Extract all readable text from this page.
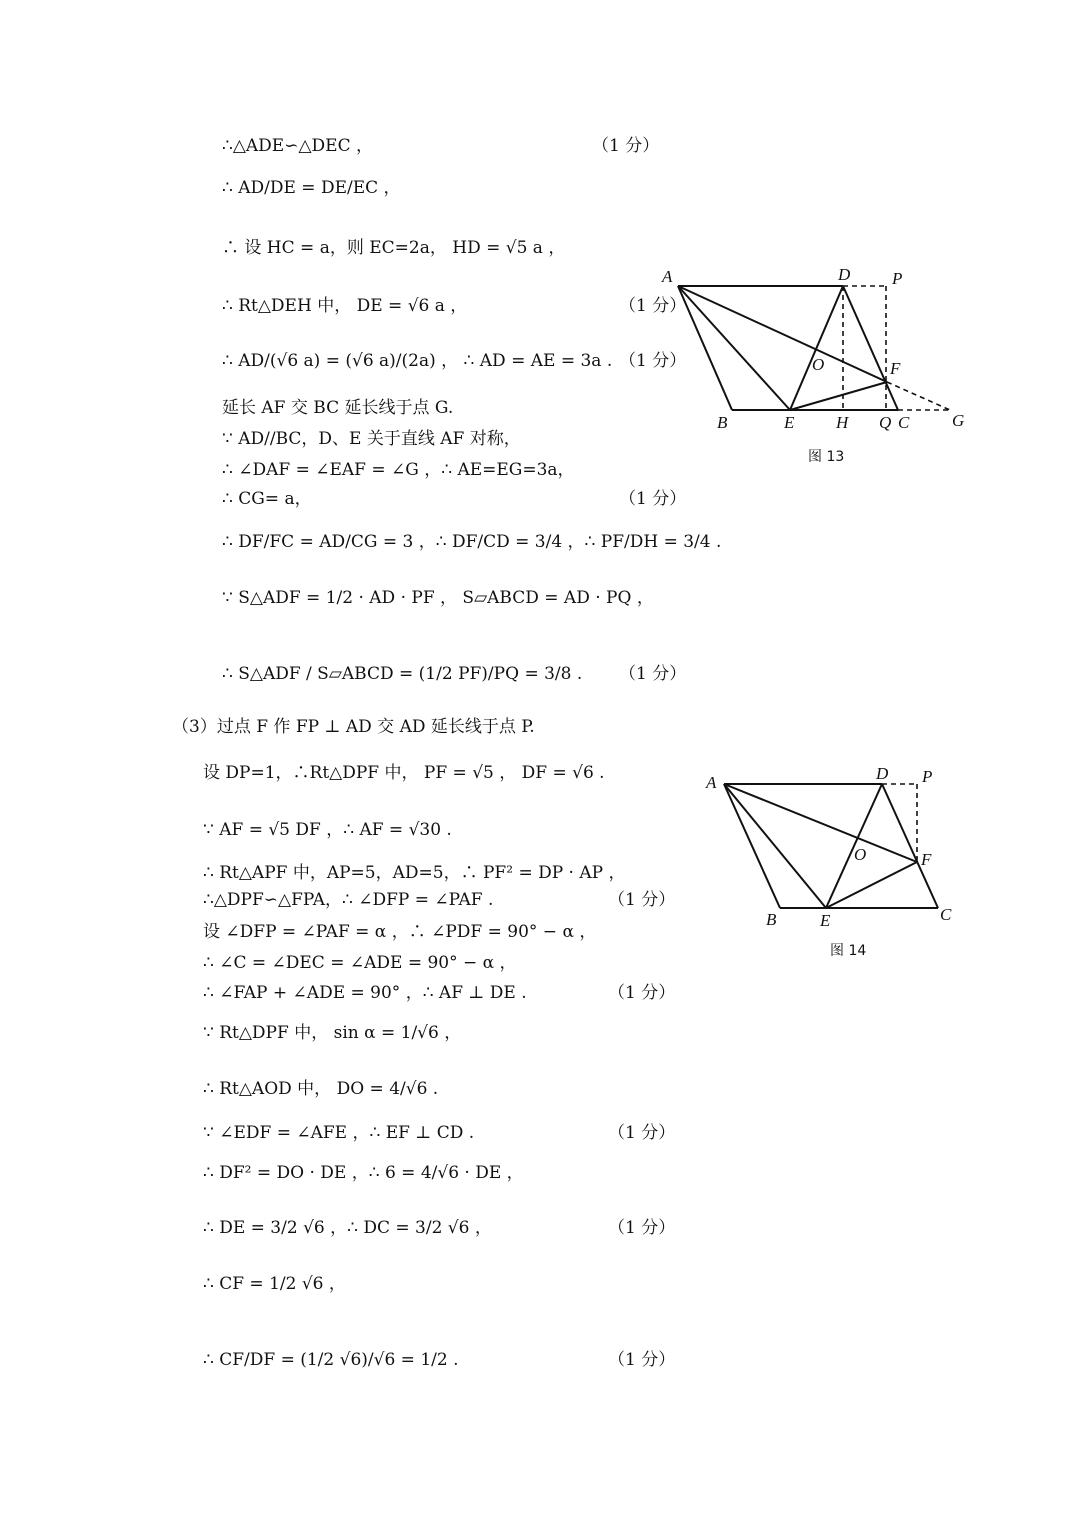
∴△ADE∽△DEC ，
∴ AD/DE = DE/EC ，
∴ 设 HC = a，则 EC=2a， HD = √5 a ，
∴ Rt△DEH 中， DE = √6 a ，
∴ AD/(√6 a) = (√6 a)/(2a) ， ∴ AD = AE = 3a .
延长 AF 交 BC 延长线于点 G.
∵ AD//BC，D、E 关于直线 AF 对称，
∴ ∠DAF = ∠EAF = ∠G ，∴ AE=EG=3a，
∴ CG= a，
∴ DF/FC = AD/CG = 3 ，∴ DF/CD = 3/4 ，∴ PF/DH = 3/4 .
∵ S△ADF = 1/2 · AD · PF ， S▱ABCD = AD · PQ ，
∴ S△ADF / S▱ABCD = (1/2 PF)/PQ = 3/8 .
（3）过点 F 作 FP ⊥ AD 交 AD 延长线于点 P.
设 DP=1，∴Rt△DPF 中， PF = √5 ， DF = √6 .
∵ AF = √5 DF ，∴ AF = √30 .
∴ Rt△APF 中，AP=5，AD=5，∴ PF² = DP · AP ，
∴△DPF∽△FPA，∴ ∠DFP = ∠PAF .
设 ∠DFP = ∠PAF = α ，∴ ∠PDF = 90° − α ，
∴ ∠C = ∠DEC = ∠ADE = 90° − α ，
∴ ∠FAP + ∠ADE = 90° ，∴ AF ⊥ DE .
∵ Rt△DPF 中， sin α = 1/√6 ，
∴ Rt△AOD 中， DO = 4/√6 .
∵ ∠EDF = ∠AFE ，∴ EF ⊥ CD .
∴ DF² = DO · DE ，∴ 6 = 4/√6 · DE ，
∴ DE = 3/2 √6 ，∴ DC = 3/2 √6 ，
∴ CF = 1/2 √6 ，
∴ CF/DF = (1/2 √6)/√6 = 1/2 .
（1 分）
（1 分）
（1 分）
（1 分）
（1 分）
（1 分）
（1 分）
（1 分）
（1 分）
（1 分）
A	D P
O	F
B	E H Q C	G
图 13
A	D P
O	F
B	E	C
图 14
